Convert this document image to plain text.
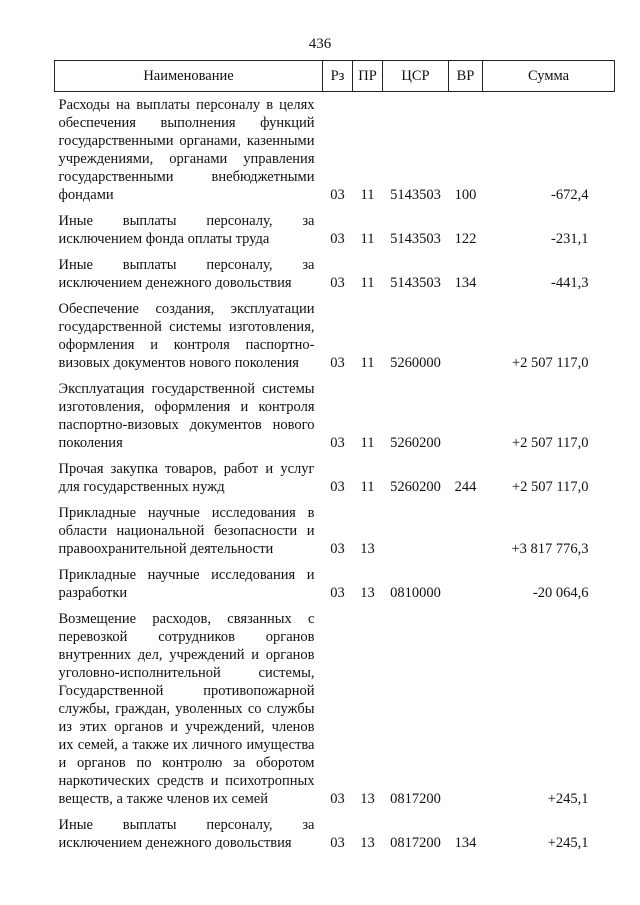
436
Наименование	Рз	ПР	ЦСР	ВР	Сумма
Расходы на выплаты персоналу в целях обеспечения выполнения функций государственными органами, казенными учреждениями, органами управления государственными внебюджетными фондами	03	11	5143503	100	-672,4
Иные выплаты персоналу, за исключением фонда оплаты труда	03	11	5143503	122	-231,1
Иные выплаты персоналу, за исключением денежного довольствия	03	11	5143503	134	-441,3
Обеспечение создания, эксплуатации государственной системы изготовления, оформления и контроля паспортно-визовых документов нового поколения	03	11	5260000		+2 507 117,0
Эксплуатация государственной системы изготовления, оформления и контроля паспортно-визовых документов нового поколения	03	11	5260200		+2 507 117,0
Прочая закупка товаров, работ и услуг для государственных нужд	03	11	5260200	244	+2 507 117,0
Прикладные научные исследования в области национальной безопасности и правоохранительной деятельности	03	13			+3 817 776,3
Прикладные научные исследования и разработки	03	13	0810000		-20 064,6
Возмещение расходов, связанных с перевозкой сотрудников органов внутренних дел, учреждений и органов уголовно-исполнительной системы, Государственной противопожарной службы, граждан, уволенных со службы из этих органов и учреждений, членов их семей, а также их личного имущества и органов по контролю за оборотом наркотических средств и психотропных веществ, а также членов их семей	03	13	0817200		+245,1
Иные выплаты персоналу, за исключением денежного довольствия	03	13	0817200	134	+245,1
